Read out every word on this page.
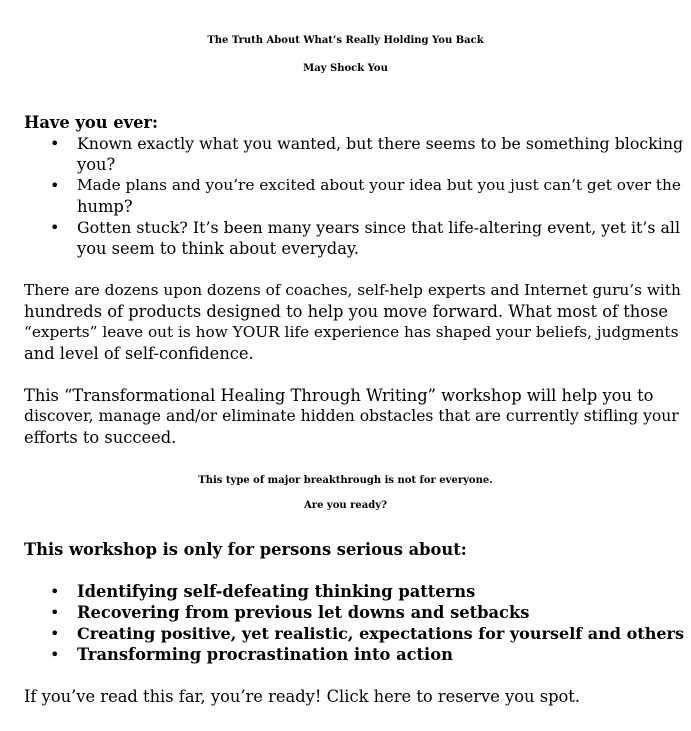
The Truth About What’s Really Holding You Back
May Shock You
Have you ever:
• Known exactly what you wanted, but there seems to be something blocking
you?
• Made plans and you’re excited about your idea but you just can’t get over the
hump?
• Gotten stuck? It’s been many years since that life-altering event, yet it’s all
you seem to think about everyday.
There are dozens upon dozens of coaches, self-help experts and Internet guru’s with
hundreds of products designed to help you move forward. What most of those
“experts” leave out is how YOUR life experience has shaped your beliefs, judgments
and level of self-confidence.
This “Transformational Healing Through Writing” workshop will help you to
discover, manage and/or eliminate hidden obstacles that are currently stifling your
efforts to succeed.
This type of major breakthrough is not for everyone.
Are you ready?
This workshop is only for persons serious about:
• Identifying self-defeating thinking patterns
• Recovering from previous let downs and setbacks
• Creating positive, yet realistic, expectations for yourself and others
• Transforming procrastination into action
If you’ve read this far, you’re ready! Click here to reserve you spot.
